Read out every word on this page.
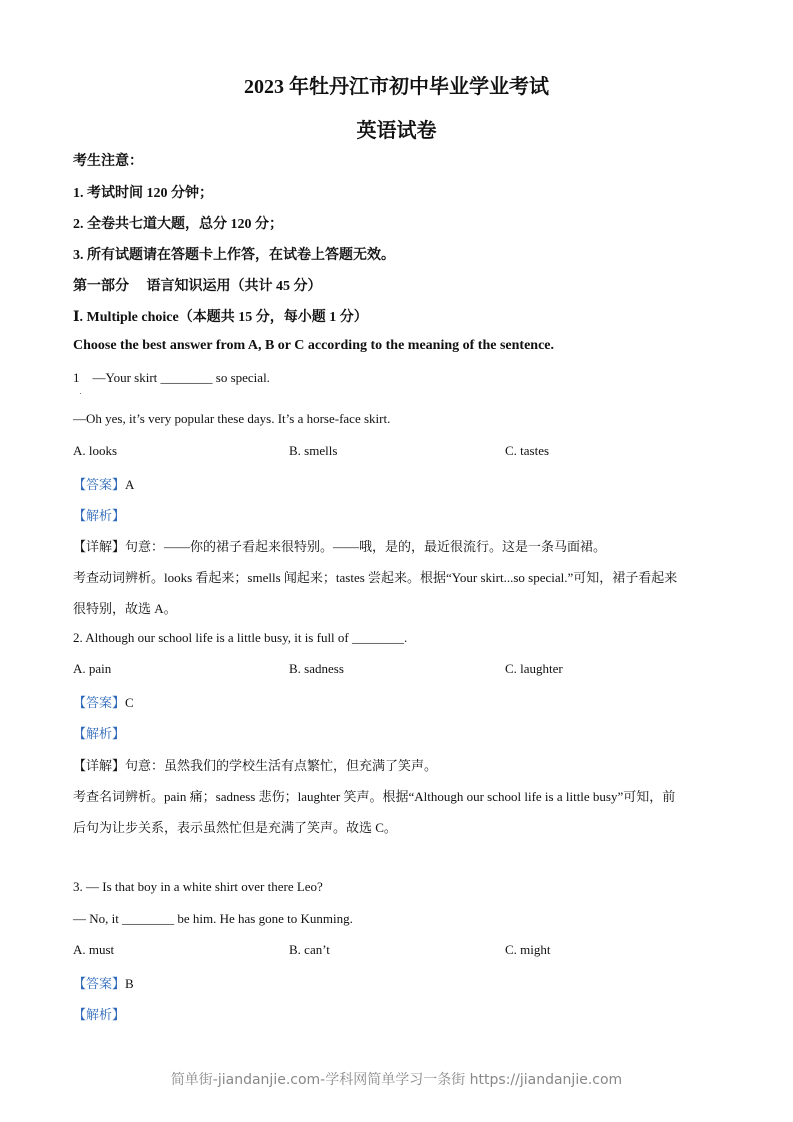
2023 年牡丹江市初中毕业学业考试
英语试卷
考生注意：
1. 考试时间 120 分钟；
2. 全卷共七道大题，总分 120 分；
3. 所有试题请在答题卡上作答，在试卷上答题无效。
第一部分　 语言知识运用（共计 45 分）
Ⅰ. Multiple choice（本题共 15 分，每小题 1 分）
Choose the best answer from A, B or C according to the meaning of the sentence.
1 —Your skirt ________ so special.
—Oh yes, it’s very popular these days. It’s a horse-face skirt.
A. looks	B. smells	C. tastes
【答案】A
【解析】
【详解】句意：——你的裙子看起来很特别。——哦，是的，最近很流行。这是一条马面裙。
考查动词辨析。looks 看起来；smells 闻起来；tastes 尝起来。根据“Your skirt...so special.”可知，裙子看起来
很特别，故选 A。
2. Although our school life is a little busy, it is full of ________.
A. pain	B. sadness	C. laughter
【答案】C
【解析】
【详解】句意：虽然我们的学校生活有点繁忙，但充满了笑声。
考查名词辨析。pain 痛；sadness 悲伤；laughter 笑声。根据“Although our school life is a little busy”可知，前
后句为让步关系，表示虽然忙但是充满了笑声。故选 C。
3. — Is that boy in a white shirt over there Leo?
— No, it ________ be him. He has gone to Kunming.
A. must	B. can’t	C. might
【答案】B
【解析】
简单街-jiandanjie.com-学科网简单学习一条街 https://jiandanjie.com
